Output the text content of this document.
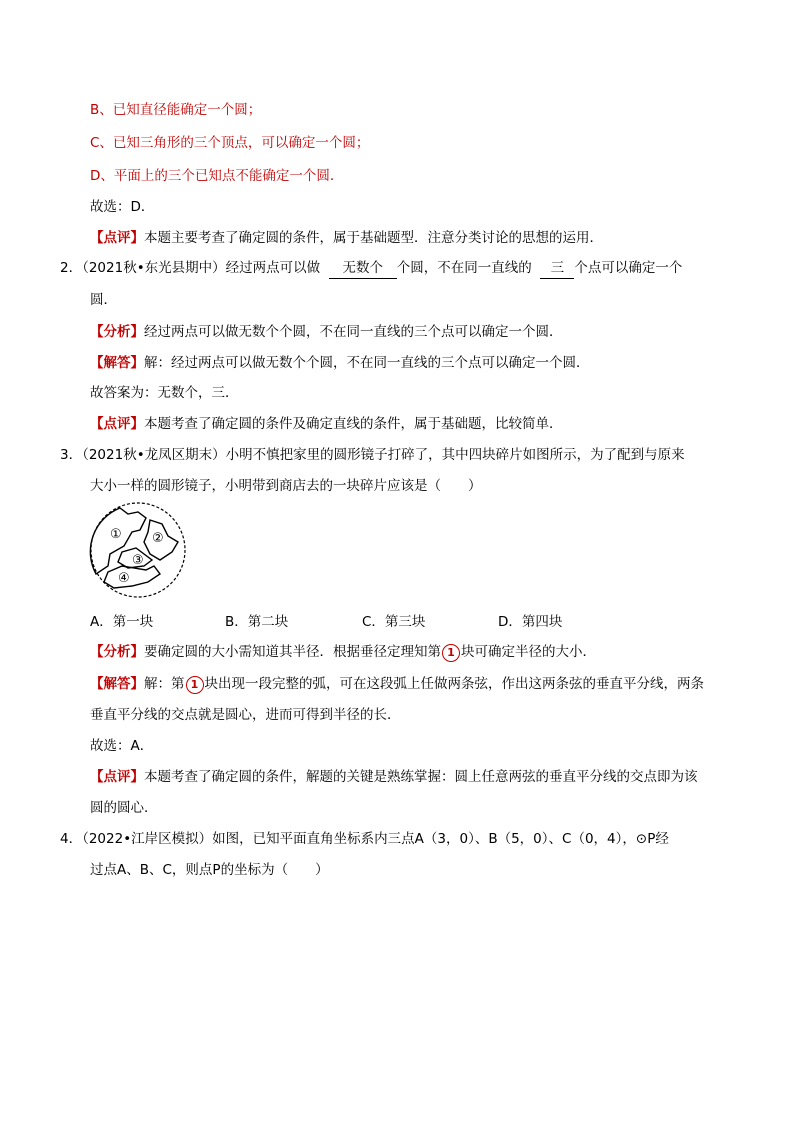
B、已知直径能确定一个圆；
C、已知三角形的三个顶点，可以确定一个圆；
D、平面上的三个已知点不能确定一个圆．
故选：D．
【点评】本题主要考查了确定圆的条件，属于基础题型．注意分类讨论的思想的运用．
2．（2021秋•东光县期中）经过两点可以做 无数个 个圆，不在同一直线的 三 个点可以确定一个
圆．
【分析】经过两点可以做无数个个圆，不在同一直线的三个点可以确定一个圆．
【解答】解：经过两点可以做无数个个圆，不在同一直线的三个点可以确定一个圆．
故答案为：无数个，三．
【点评】本题考查了确定圆的条件及确定直线的条件，属于基础题，比较简单．
3．（2021秋•龙凤区期末）小明不慎把家里的圆形镜子打碎了，其中四块碎片如图所示，为了配到与原来
大小一样的圆形镜子，小明带到商店去的一块碎片应该是（　　）
① ②
③
④
A．第一块	B．第二块	C．第三块	D．第四块
【分析】要确定圆的大小需知道其半径．根据垂径定理知第 1 块可确定半径的大小．
【解答】解：第 1 块出现一段完整的弧，可在这段弧上任做两条弦，作出这两条弦的垂直平分线，两条
垂直平分线的交点就是圆心，进而可得到半径的长．
故选：A．
【点评】本题考查了确定圆的条件，解题的关键是熟练掌握：圆上任意两弦的垂直平分线的交点即为该
圆的圆心．
4．（2022•江岸区模拟）如图，已知平面直角坐标系内三点A（3，0）、B（5，0）、C（0，4），⊙P经
过点A、B、C，则点P的坐标为（　　）
